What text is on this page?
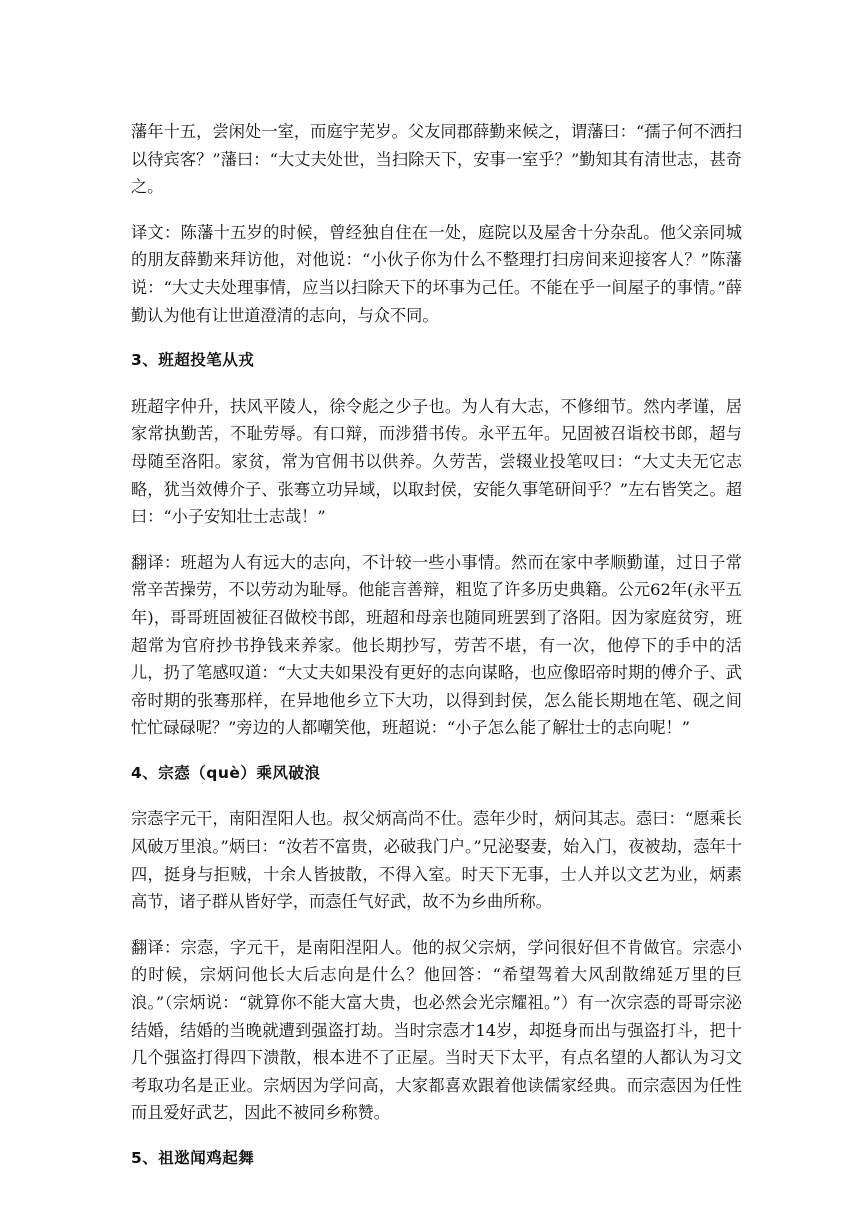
藩年十五，尝闲处一室，而庭宇芜岁。父友同郡薛勤来候之，谓藩曰：“孺子何不洒扫以待宾客？”藩曰：“大丈夫处世，当扫除天下，安事一室乎？”勤知其有清世志，甚奇之。

译文：陈藩十五岁的时候，曾经独自住在一处，庭院以及屋舍十分杂乱。他父亲同城的朋友薛勤来拜访他，对他说：“小伙子你为什么不整理打扫房间来迎接客人？”陈藩说：“大丈夫处理事情，应当以扫除天下的坏事为己任。不能在乎一间屋子的事情。”薛勤认为他有让世道澄清的志向，与众不同。

3、班超投笔从戎

班超字仲升，扶风平陵人，徐令彪之少子也。为人有大志，不修细节。然内孝谨，居家常执勤苦，不耻劳辱。有口辩，而涉猎书传。永平五年。兄固被召诣校书郎，超与母随至洛阳。家贫，常为官佣书以供养。久劳苦，尝辍业投笔叹曰：“大丈夫无它志略，犹当效傅介子、张骞立功异域，以取封侯，安能久事笔研间乎？”左右皆笑之。超曰：“小子安知壮士志哉！”

翻译：班超为人有远大的志向，不计较一些小事情。然而在家中孝顺勤谨，过日子常常辛苦操劳，不以劳动为耻辱。他能言善辩，粗览了许多历史典籍。公元62年(永平五年)，哥哥班固被征召做校书郎，班超和母亲也随同班罢到了洛阳。因为家庭贫穷，班超常为官府抄书挣钱来养家。他长期抄写，劳苦不堪，有一次，他停下的手中的活儿，扔了笔感叹道：“大丈夫如果没有更好的志向谋略，也应像昭帝时期的傅介子、武帝时期的张骞那样，在异地他乡立下大功，以得到封侯，怎么能长期地在笔、砚之间忙忙碌碌呢？”旁边的人都嘲笑他，班超说：“小子怎么能了解壮士的志向呢！”

4、宗悫（què）乘风破浪

宗悫字元干，南阳涅阳人也。叔父炳高尚不仕。悫年少时，炳问其志。悫曰：“愿乘长风破万里浪。”炳曰：“汝若不富贵，必破我门户。”兄泌娶妻，始入门，夜被劫，悫年十四，挺身与拒贼，十余人皆披散，不得入室。时天下无事，士人并以文艺为业，炳素高节，诸子群从皆好学，而悫任气好武，故不为乡曲所称。

翻译：宗悫，字元干，是南阳涅阳人。他的叔父宗炳，学问很好但不肯做官。宗悫小的时候，宗炳问他长大后志向是什么？他回答：“希望驾着大风刮散绵延万里的巨浪。”（宗炳说：“就算你不能大富大贵，也必然会光宗耀祖。”）有一次宗悫的哥哥宗泌结婚，结婚的当晚就遭到强盗打劫。当时宗悫才14岁，却挺身而出与强盗打斗，把十几个强盗打得四下溃散，根本进不了正屋。当时天下太平，有点名望的人都认为习文考取功名是正业。宗炳因为学问高，大家都喜欢跟着他读儒家经典。而宗悫因为任性而且爱好武艺，因此不被同乡称赞。

5、祖逖闻鸡起舞
